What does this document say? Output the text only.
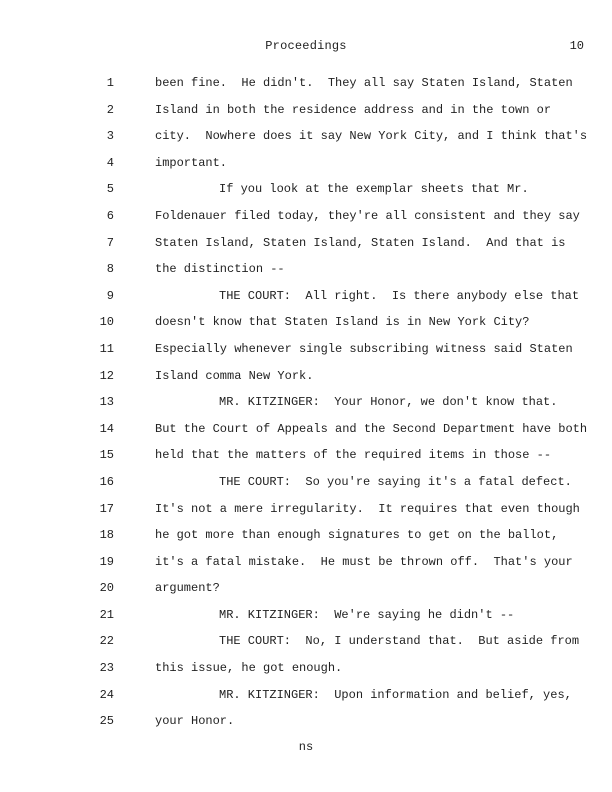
Proceedings	10
1	been fine.  He didn't.  They all say Staten Island, Staten
2	Island in both the residence address and in the town or
3	city.  Nowhere does it say New York City, and I think that's
4	important.
5	If you look at the exemplar sheets that Mr.
6	Foldenauer filed today, they're all consistent and they say
7	Staten Island, Staten Island, Staten Island.  And that is
8	the distinction --
9	THE COURT:  All right.  Is there anybody else that
10	doesn't know that Staten Island is in New York City?
11	Especially whenever single subscribing witness said Staten
12	Island comma New York.
13	MR. KITZINGER:  Your Honor, we don't know that.
14	But the Court of Appeals and the Second Department have both
15	held that the matters of the required items in those --
16	THE COURT:  So you're saying it's a fatal defect.
17	It's not a mere irregularity.  It requires that even though
18	he got more than enough signatures to get on the ballot,
19	it's a fatal mistake.  He must be thrown off.  That's your
20	argument?
21	MR. KITZINGER:  We're saying he didn't --
22	THE COURT:  No, I understand that.  But aside from
23	this issue, he got enough.
24	MR. KITZINGER:  Upon information and belief, yes,
25	your Honor.
ns
